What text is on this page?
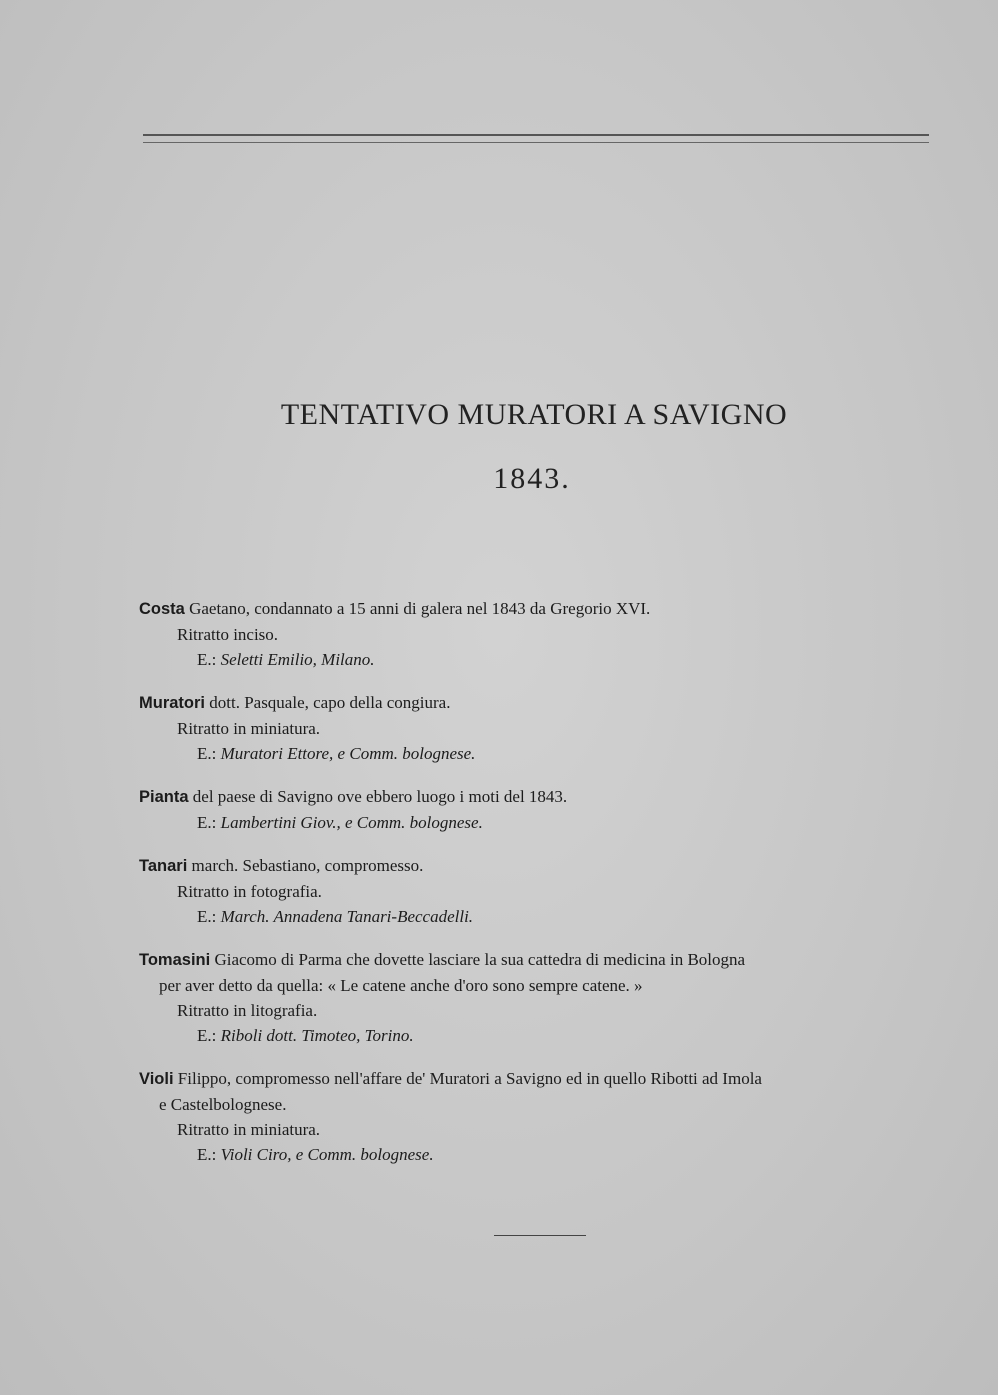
TENTATIVO MURATORI A SAVIGNO
1843.
Costa Gaetano, condannato a 15 anni di galera nel 1843 da Gregorio XVI.
Ritratto inciso.
E.: Seletti Emilio, Milano.
Muratori dott. Pasquale, capo della congiura.
Ritratto in miniatura.
E.: Muratori Ettore, e Comm. bolognese.
Pianta del paese di Savigno ove ebbero luogo i moti del 1843.
E.: Lambertini Giov., e Comm. bolognese.
Tanari march. Sebastiano, compromesso.
Ritratto in fotografia.
E.: March. Annadena Tanari-Beccadelli.
Tomasini Giacomo di Parma che dovette lasciare la sua cattedra di medicina in Bologna
per aver detto da quella: « Le catene anche d'oro sono sempre catene. »
Ritratto in litografia.
E.: Riboli dott. Timoteo, Torino.
Violi Filippo, compromesso nell'affare de' Muratori a Savigno ed in quello Ribotti ad Imola
e Castelbolognese.
Ritratto in miniatura.
E.: Violi Ciro, e Comm. bolognese.
